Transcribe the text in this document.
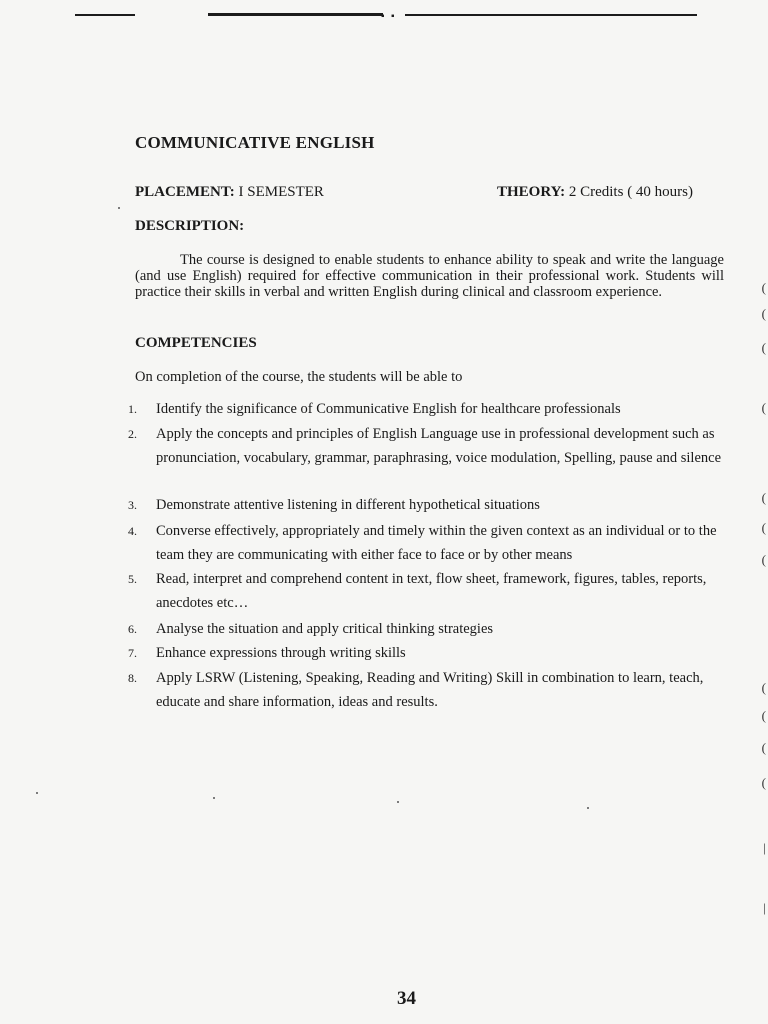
▪ ▪
COMMUNICATIVE ENGLISH
PLACEMENT: I SEMESTER	THEORY: 2 Credits ( 40 hours)
DESCRIPTION:

The course is designed to enable students to enhance ability to speak and write the language (and use English) required for effective communication in their professional work. Students will practice their skills in verbal and written English during clinical and classroom experience.

COMPETENCIES
On completion of the course, the students will be able to
1.	Identify the significance of Communicative English for healthcare professionals
2.	Apply the concepts and principles of English Language use in professional development such as pronunciation, vocabulary, grammar, paraphrasing, voice modulation, Spelling, pause and silence
3.	Demonstrate attentive listening in different hypothetical situations
4.	Converse effectively, appropriately and timely within the given context as an individual or to the team they are communicating with either face to face or by other means
5.	Read, interpret and comprehend content in text, flow sheet, framework, figures, tables, reports, anecdotes etc…
6.	Analyse the situation and apply critical thinking strategies
7.	Enhance expressions through writing skills
8.	Apply LSRW (Listening, Speaking, Reading and Writing) Skill in combination to learn, teach, educate and share information, ideas and results.
(
(
(
(
(
(
(
(
(
(
(
|
|
34
